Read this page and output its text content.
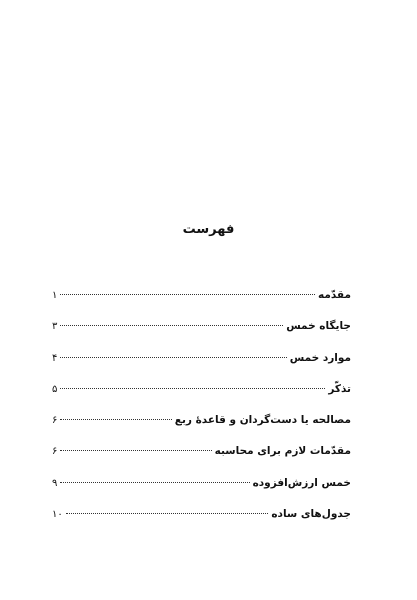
فهرست
مقدّمه
۱
جایگاه خمس
۳
موارد خمس
۴
تذکّر
۵
مصالحه یا دست‌گردان و قاعدهٔ ربع
۶
مقدّمات لازم برای محاسبه
۶
خمس ارزش‌افزوده
۹
جدول‌های ساده
۱۰
